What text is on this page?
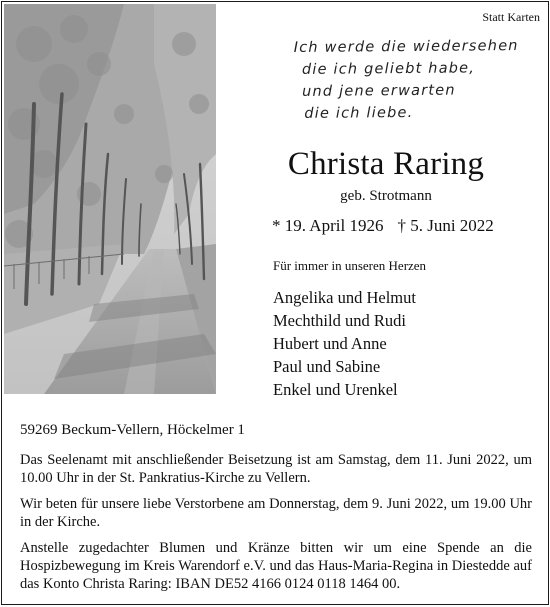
Statt Karten
Ich werde die wiedersehen
die ich geliebt habe,
und jene erwarten
die ich liebe.
Christa Raring
geb. Strotmann
* 19. April 1926 † 5. Juni 2022
Für immer in unseren Herzen
Angelika und Helmut
Mechthild und Rudi
Hubert und Anne
Paul und Sabine
Enkel und Urenkel
59269 Beckum-Vellern, Höckelmer 1
Das Seelenamt mit anschließender Beisetzung ist am Samstag, dem 11. Juni 2022, um 10.00 Uhr in der St. Pankratius-Kirche zu Vellern.
Wir beten für unsere liebe Verstorbene am Donnerstag, dem 9. Juni 2022, um 19.00 Uhr in der Kirche.
Anstelle zugedachter Blumen und Kränze bitten wir um eine Spende an die Hospizbewegung im Kreis Warendorf e.V. und das Haus-Maria-Regina in Diestedde auf das Konto Christa Raring: IBAN DE52 4166 0124 0118 1464 00.
